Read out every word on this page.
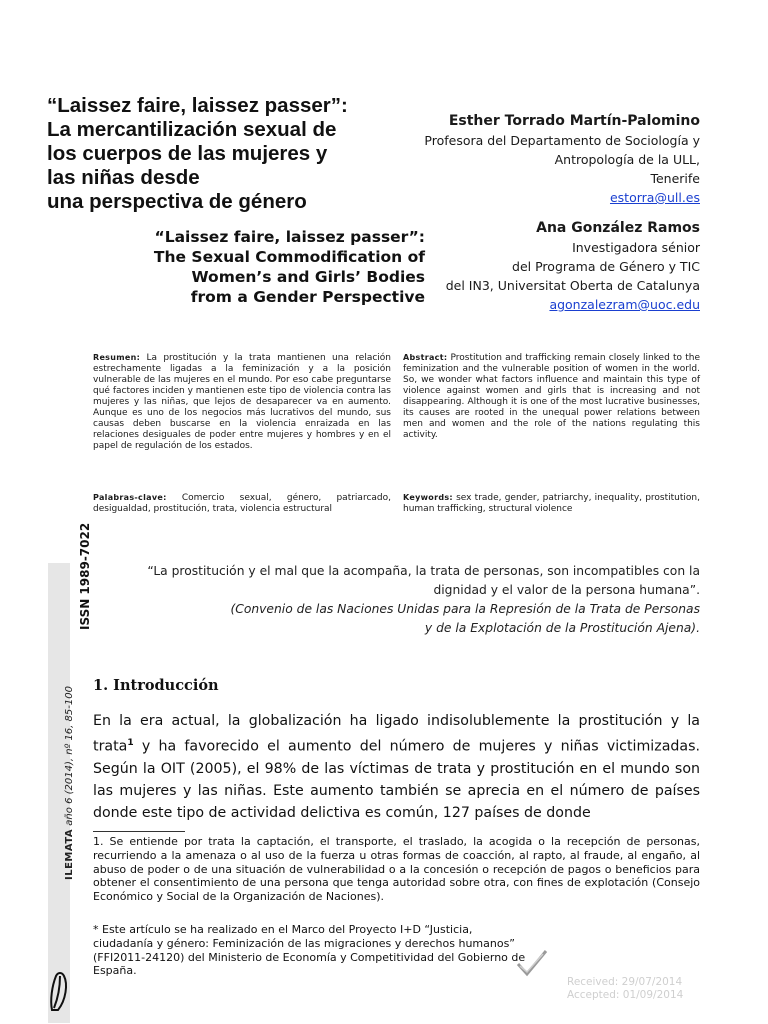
“Laissez faire, laissez passer”:
La mercantilización sexual de
los cuerpos de las mujeres y
las niñas desde
una perspectiva de género
“Laissez faire, laissez passer”:
The Sexual Commodification of
Women’s and Girls’ Bodies
from a Gender Perspective
Esther Torrado Martín-Palomino
Profesora del Departamento de Sociología y
Antropología de la ULL,
Tenerife
estorra@ull.es
Ana González Ramos
Investigadora sénior
del Programa de Género y TIC
del IN3, Universitat Oberta de Catalunya
agonzalezram@uoc.edu
Resumen: La prostitución y la trata mantienen una relación estrechamente ligadas a la feminización y a la posición vulnerable de las mujeres en el mundo. Por eso cabe preguntarse qué factores inciden y mantienen este tipo de violencia contra las mujeres y las niñas, que lejos de desaparecer va en aumento. Aunque es uno de los negocios más lucrativos del mundo, sus causas deben buscarse en la violencia enraizada en las relaciones desiguales de poder entre mujeres y hombres y en el papel de regulación de los estados.
Abstract: Prostitution and trafficking remain closely linked to the feminization and the vulnerable position of women in the world. So, we wonder what factors influence and maintain this type of violence against women and girls that is increasing and not disappearing. Although it is one of the most lucrative businesses, its causes are rooted in the unequal power relations between men and women and the role of the nations regulating this activity.
Palabras-clave: Comercio sexual, género, patriarcado, desigualdad, prostitución, trata, violencia estructural
Keywords: sex trade, gender, patriarchy, inequality, prostitution, human trafficking, structural violence
“La prostitución y el mal que la acompaña, la trata de personas, son incompatibles con la
dignidad y el valor de la persona humana”.
(Convenio de las Naciones Unidas para la Represión de la Trata de Personas
y de la Explotación de la Prostitución Ajena).
ISSN 1989-7022
ILEMATA año 6 (2014), nº 16, 85-100
1. Introducción
En la era actual, la globalización ha ligado indisolublemente la prostitución y la trata$^1$ y ha favorecido el aumento del número de mujeres y niñas victimizadas. Según la OIT (2005), el 98% de las víctimas de trata y prostitución en el mundo son las mujeres y las niñas. Este aumento también se aprecia en el número de países donde este tipo de actividad delictiva es común, 127 países de donde
1. Se entiende por trata la captación, el transporte, el traslado, la acogida o la recepción de personas, recurriendo a la amenaza o al uso de la fuerza u otras formas de coacción, al rapto, al fraude, al engaño, al abuso de poder o de una situación de vulnerabilidad o a la concesión o recepción de pagos o beneficios para obtener el consentimiento de una persona que tenga autoridad sobre otra, con fines de explotación (Consejo Económico y Social de la Organización de Naciones).
* Este artículo se ha realizado en el Marco del Proyecto I+D “Justicia, ciudadanía y género: Feminización de las migraciones y derechos humanos” (FFI2011-24120) del Ministerio de Economía y Competitividad del Gobierno de España.
Received: 29/07/2014
Accepted: 01/09/2014
